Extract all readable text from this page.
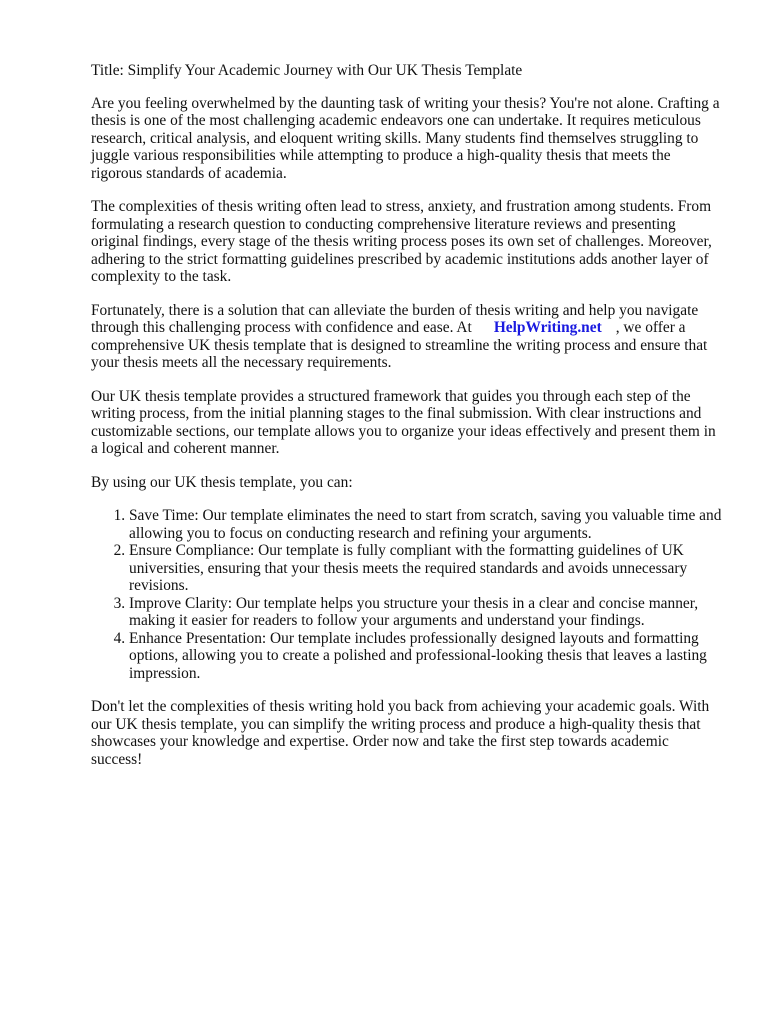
Title: Simplify Your Academic Journey with Our UK Thesis Template

Are you feeling overwhelmed by the daunting task of writing your thesis? You're not alone. Crafting a thesis is one of the most challenging academic endeavors one can undertake. It requires meticulous research, critical analysis, and eloquent writing skills. Many students find themselves struggling to juggle various responsibilities while attempting to produce a high-quality thesis that meets the rigorous standards of academia.

The complexities of thesis writing often lead to stress, anxiety, and frustration among students. From formulating a research question to conducting comprehensive literature reviews and presenting original findings, every stage of the thesis writing process poses its own set of challenges. Moreover, adhering to the strict formatting guidelines prescribed by academic institutions adds another layer of complexity to the task.

Fortunately, there is a solution that can alleviate the burden of thesis writing and help you navigate through this challenging process with confidence and ease. At HelpWriting.net , we offer a comprehensive UK thesis template that is designed to streamline the writing process and ensure that your thesis meets all the necessary requirements.

Our UK thesis template provides a structured framework that guides you through each step of the writing process, from the initial planning stages to the final submission. With clear instructions and customizable sections, our template allows you to organize your ideas effectively and present them in a logical and coherent manner.

By using our UK thesis template, you can:

1. Save Time: Our template eliminates the need to start from scratch, saving you valuable time and allowing you to focus on conducting research and refining your arguments.
2. Ensure Compliance: Our template is fully compliant with the formatting guidelines of UK universities, ensuring that your thesis meets the required standards and avoids unnecessary revisions.
3. Improve Clarity: Our template helps you structure your thesis in a clear and concise manner, making it easier for readers to follow your arguments and understand your findings.
4. Enhance Presentation: Our template includes professionally designed layouts and formatting options, allowing you to create a polished and professional-looking thesis that leaves a lasting impression.

Don't let the complexities of thesis writing hold you back from achieving your academic goals. With our UK thesis template, you can simplify the writing process and produce a high-quality thesis that showcases your knowledge and expertise. Order now and take the first step towards academic success!
